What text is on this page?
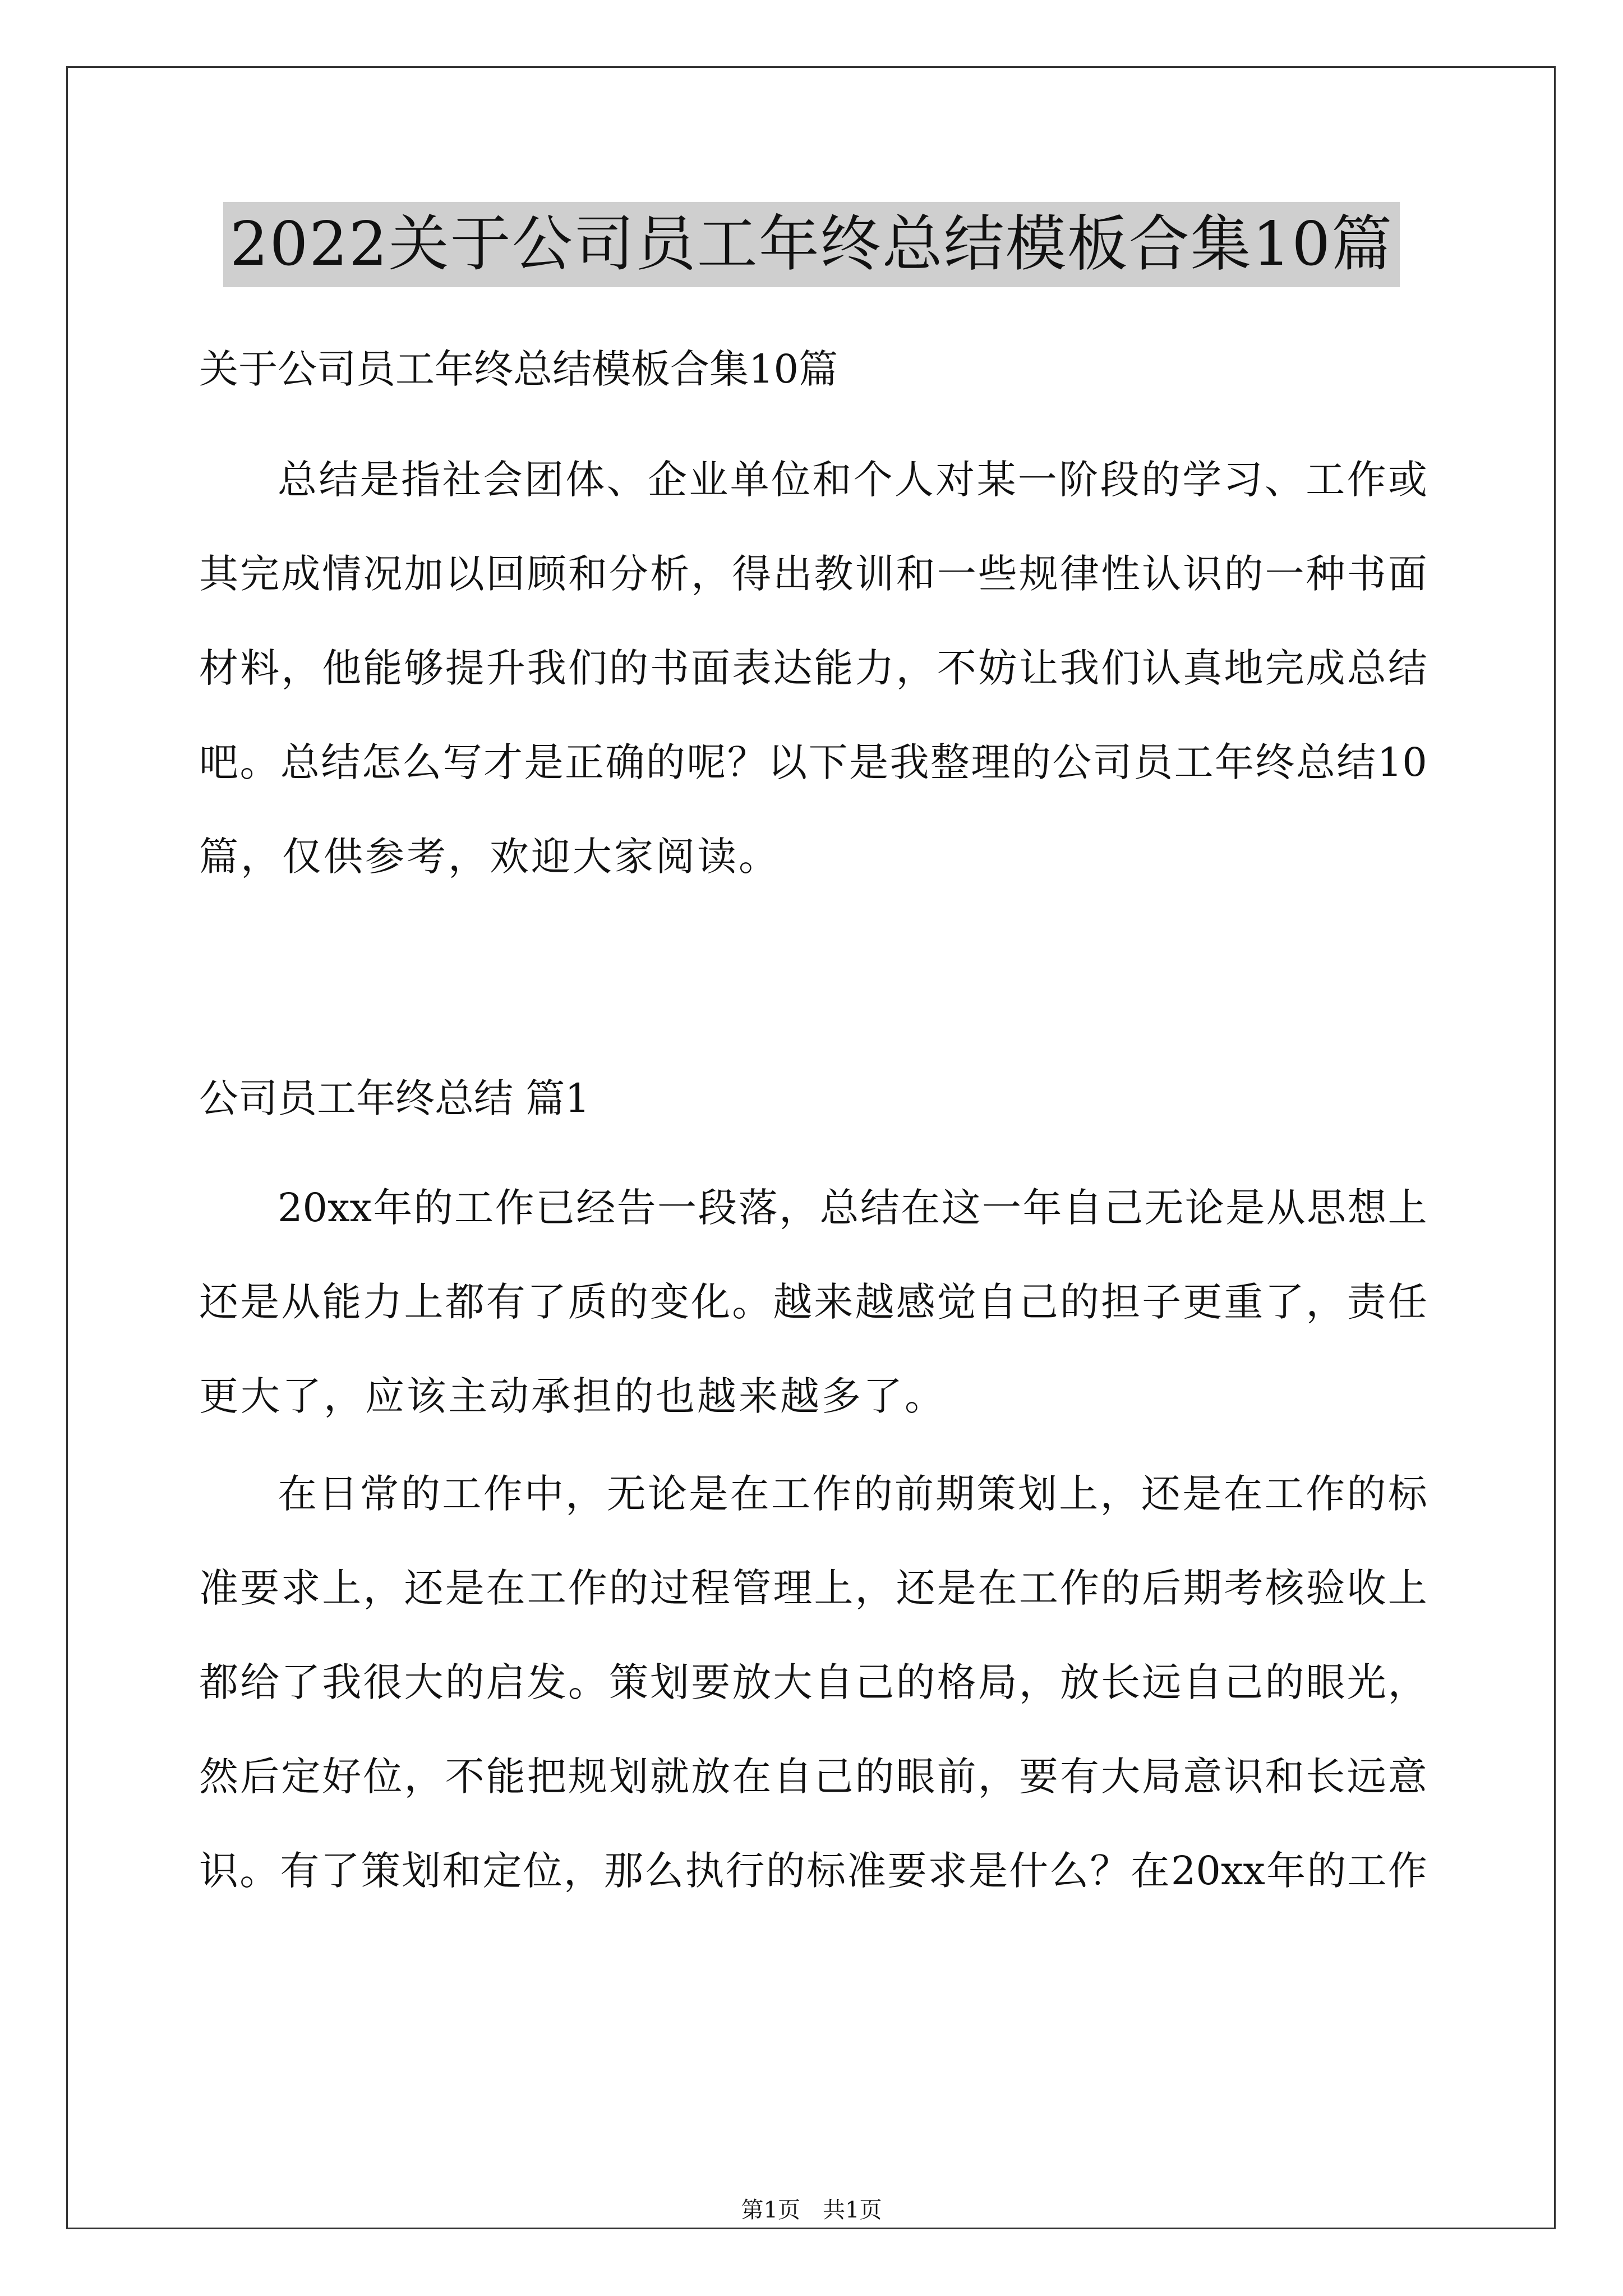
2022关于公司员工年终总结模板合集10篇
关于公司员工年终总结模板合集10篇
总 结 是 指 社 会 团 体 、 企 业 单 位 和 个 人 对 某 一 阶 段 的 学 习 、 工 作 或
其 完 成 情 况 加 以 回 顾 和 分 析 ， 得 出 教 训 和 一 些 规 律 性 认 识 的 一 种 书 面
材 料 ， 他 能 够 提 升 我 们 的 书 面 表 达 能 力 ， 不 妨 让 我 们 认 真 地 完 成 总 结
吧 。 总 结 怎 么 写 才 是 正 确 的 呢 ？ 以 下 是 我 整 理 的 公 司 员 工 年 终 总 结 10
篇，仅供参考，欢迎大家阅读。
公司员工年终总结 篇1
20xx 年 的 工 作 已 经 告 一 段 落 ， 总 结 在 这 一 年 自 己 无 论 是 从 思 想 上
还 是 从 能 力 上 都 有 了 质 的 变 化 。 越 来 越 感 觉 自 己 的 担 子 更 重 了 ， 责 任
更大了，应该主动承担的也越来越多了。
在 日 常 的 工 作 中 ， 无 论 是 在 工 作 的 前 期 策 划 上 ， 还 是 在 工 作 的 标
准 要 求 上 ， 还 是 在 工 作 的 过 程 管 理 上 ， 还 是 在 工 作 的 后 期 考 核 验 收 上
都 给 了 我 很 大 的 启 发 。 策 划 要 放 大 自 己 的 格 局 ， 放 长 远 自 己 的 眼 光 ，
然 后 定 好 位 ， 不 能 把 规 划 就 放 在 自 己 的 眼 前 ， 要 有 大 局 意 识 和 长 远 意
识 。 有 了 策 划 和 定 位 ， 那 么 执 行 的 标 准 要 求 是 什 么 ？ 在 20xx 年 的 工 作
第1页　共1页
